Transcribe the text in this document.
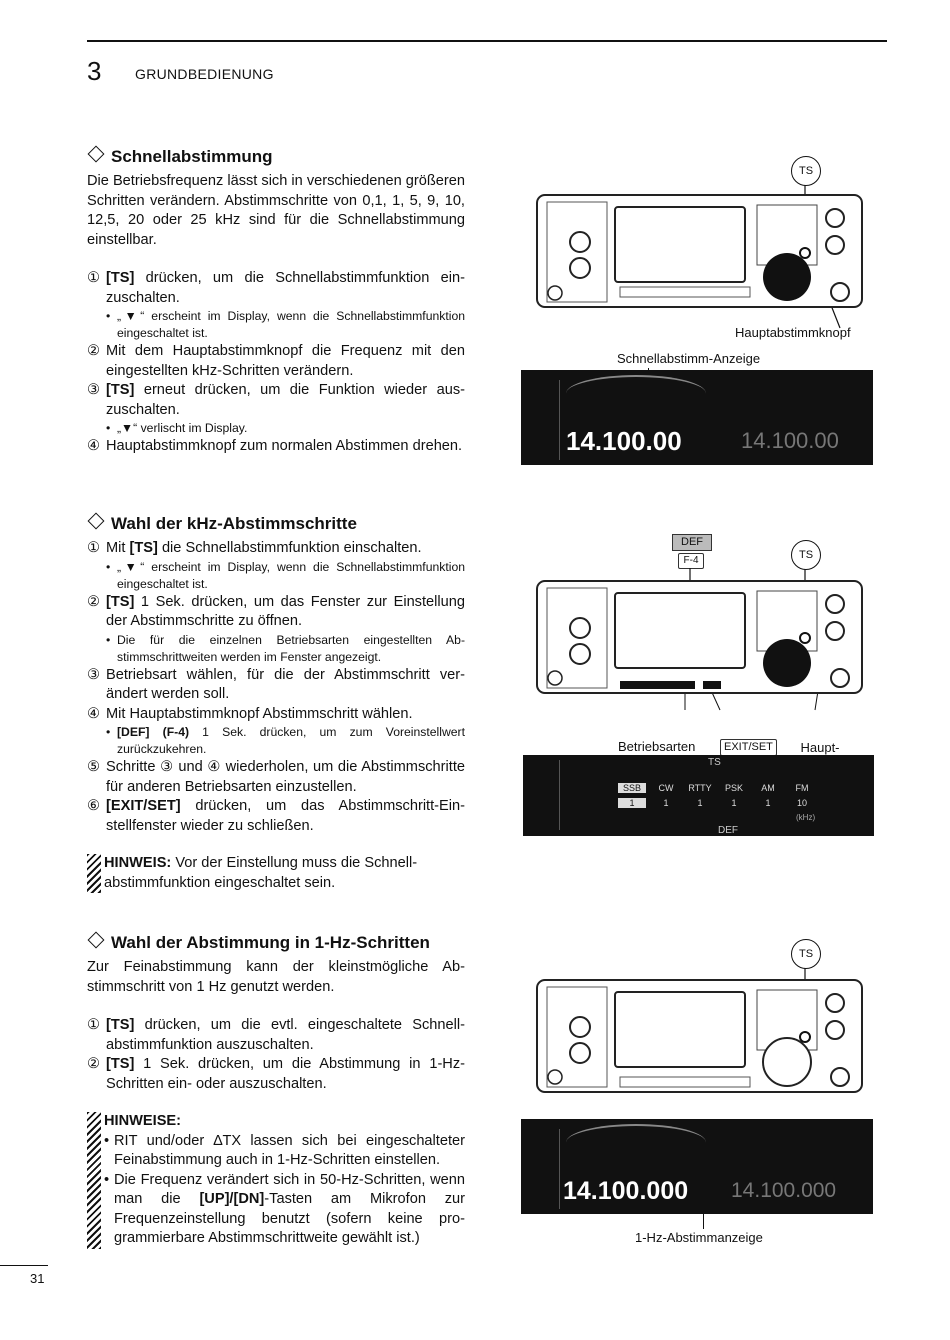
3 GRUNDBEDIENUNG
Schnellabstimmung

Die Betriebsfrequenz lässt sich in verschiedenen größeren Schritten verändern. Abstimmschritte von 0,1, 1, 5, 9, 10, 12,5, 20 oder 25 kHz sind für die Schnellabstimmung einstellbar.

① [TS] drücken, um die Schnellabstimmfunktion einzuschalten.
• „▼“ erscheint im Display, wenn die Schnellabstimmfunktion eingeschaltet ist.
② Mit dem Hauptabstimmknopf die Frequenz mit den eingestellten kHz-Schritten verändern.
③ [TS] erneut drücken, um die Funktion wieder auszuschalten.
• „▼“ verlischt im Display.
④ Hauptabstimmknopf zum normalen Abstimmen drehen.
TS
Hauptabstimmknopf
Schnellabstimm-Anzeige
14.100.00	14.100.00
Wahl der kHz-Abstimmschritte
① Mit [TS] die Schnellabstimmfunktion einschalten.
• „▼“ erscheint im Display, wenn die Schnellabstimmfunktion eingeschaltet ist.
② [TS] 1 Sek. drücken, um das Fenster zur Einstellung der Abstimmschritte zu öffnen.
• Die für die einzelnen Betriebsarten eingestellten Abstimmschrittweiten werden im Fenster angezeigt.
③ Betriebsart wählen, für die der Abstimmschritt verändert werden soll.
④ Mit Hauptabstimmknopf Abstimmschritt wählen.
• [DEF] (F-4) 1 Sek. drücken, um zum Voreinstellwert zurückzukehren.
⑤ Schritte ③ und ④ wiederholen, um die Abstimmschritte für anderen Betriebsarten einzustellen.
⑥ [EXIT/SET] drücken, um das Abstimmschritt-Einstellfenster wieder zu schließen.
HINWEIS: Vor der Einstellung muss die Schnellabstimmfunktion eingeschaltet sein.
DEF
F-4	TS
Betriebsarten	EXIT/SET	Haupt-

TS
SSB	CW	RTTY	PSK	AM	FM
1	1	1	1	1	10
(kHz)
DEF
Wahl der Abstimmung in 1-Hz-Schritten

Zur Feinabstimmung kann der kleinstmögliche Abstimmschritt von 1 Hz genutzt werden.

① [TS] drücken, um die evtl. eingeschaltete Schnellabstimmfunktion auszuschalten.
② [TS] 1 Sek. drücken, um die Abstimmung in 1-Hz-Schritten ein- oder auszuschalten.
HINWEISE:
• RIT und/oder ∆TX lassen sich bei eingeschalteter Feinabstimmung auch in 1-Hz-Schritten einstellen.
• Die Frequenz verändert sich in 50-Hz-Schritten, wenn man die [UP]/[DN]-Tasten am Mikrofon zur Frequenzeinstellung benutzt (sofern keine programmierbare Abstimmschrittweite gewählt ist.)
TS
14.100.000 14.100.000
1-Hz-Abstimmanzeige
31
